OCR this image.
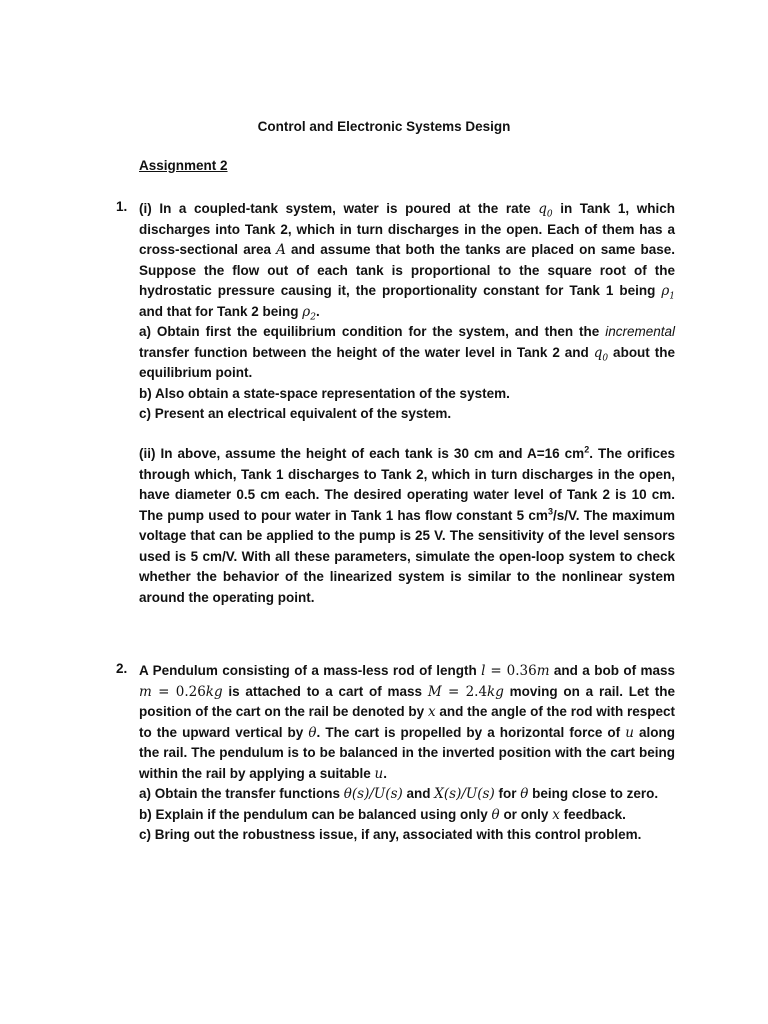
Control and Electronic Systems Design
Assignment 2
1. (i) In a coupled-tank system, water is poured at the rate $q_0$ in Tank 1, which discharges into Tank 2, which in turn discharges in the open. Each of them has a cross-sectional area A and assume that both the tanks are placed on same base. Suppose the flow out of each tank is proportional to the square root of the hydrostatic pressure causing it, the proportionality constant for Tank 1 being $\rho_1$ and that for Tank 2 being $\rho_2$.

a) Obtain first the equilibrium condition for the system, and then the incremental transfer function between the height of the water level in Tank 2 and $q_0$ about the equilibrium point.

b) Also obtain a state-space representation of the system.

c) Present an electrical equivalent of the system.

(ii) In above, assume the height of each tank is 30 cm and A=16 $cm^2$. The orifices through which, Tank 1 discharges to Tank 2, which in turn discharges in the open, have diameter 0.5 cm each. The desired operating water level of Tank 2 is 10 cm. The pump used to pour water in Tank 1 has flow constant 5 $cm^3/s/V$. The maximum voltage that can be applied to the pump is 25 V. The sensitivity of the level sensors used is 5 cm/V. With all these parameters, simulate the open-loop system to check whether the behavior of the linearized system is similar to the nonlinear system around the operating point.

2. A Pendulum consisting of a mass-less rod of length l = 0.36m and a bob of mass m = 0.26kg is attached to a cart of mass M = 2.4kg moving on a rail. Let the position of the cart on the rail be denoted by x and the angle of the rod with respect to the upward vertical by θ. The cart is propelled by a horizontal force of u along the rail. The pendulum is to be balanced in the inverted position with the cart being within the rail by applying a suitable u.

a) Obtain the transfer functions θ(s)/U(s) and X(s)/U(s) for θ being close to zero.

b) Explain if the pendulum can be balanced using only θ or only x feedback.

c) Bring out the robustness issue, if any, associated with this control problem.
